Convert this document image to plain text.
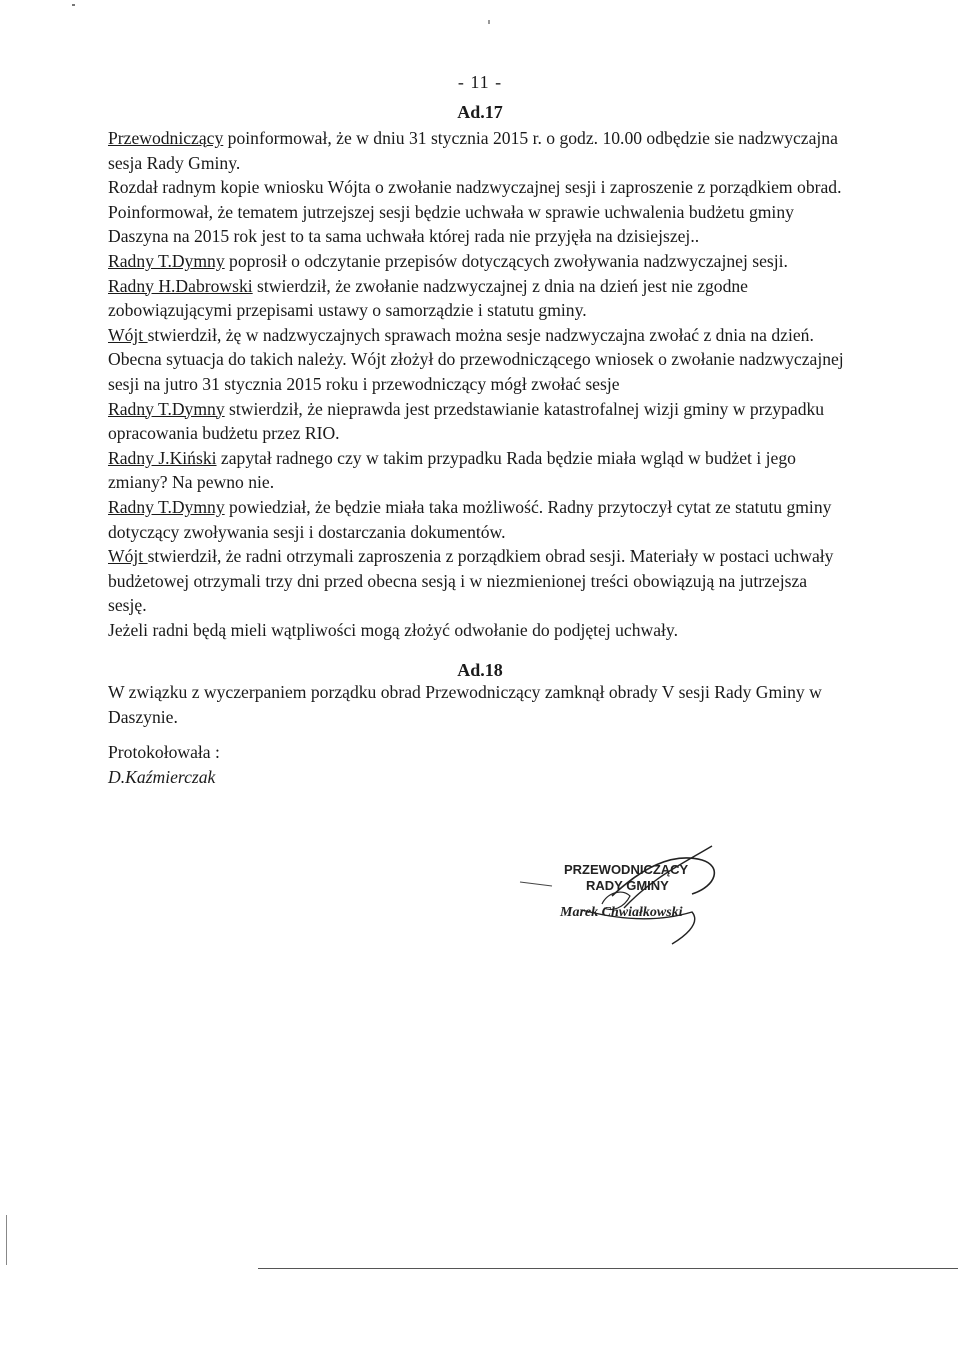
- 11 -
Ad.17

Przewodniczący poinformował, że w dniu 31 stycznia 2015 r. o godz. 10.00 odbędzie sie nadzwyczajna sesja Rady Gminy.

Rozdał radnym kopie wniosku Wójta o zwołanie nadzwyczajnej sesji i zaproszenie z porządkiem obrad.

Poinformował, że tematem jutrzejszej sesji będzie uchwała w sprawie uchwalenia budżetu gminy Daszyna na 2015 rok jest to ta sama uchwała której rada nie przyjęła na dzisiejszej..

Radny T.Dymny poprosił o odczytanie przepisów dotyczących zwoływania nadzwyczajnej sesji.

Radny H.Dabrowski stwierdził, że zwołanie nadzwyczajnej z dnia na dzień jest nie zgodne zobowiązującymi przepisami ustawy o samorządzie i statutu gminy.

Wójt stwierdził, żę w nadzwyczajnych sprawach można sesje nadzwyczajna zwołać z dnia na dzień. Obecna sytuacja do takich należy. Wójt złożył do przewodniczącego wniosek o zwołanie nadzwyczajnej sesji na jutro 31 stycznia 2015 roku i przewodniczący mógł zwołać sesje

Radny T.Dymny stwierdził, że nieprawda jest przedstawianie katastrofalnej wizji gminy w przypadku opracowania budżetu przez RIO.

Radny J.Kiński zapytał radnego czy w takim przypadku Rada będzie miała wgląd w budżet i jego zmiany? Na pewno nie.

Radny T.Dymny powiedział, że będzie miała taka możliwość. Radny przytoczył cytat ze statutu gminy dotyczący zwoływania sesji i dostarczania dokumentów.

Wójt stwierdził, że radni otrzymali zaproszenia z porządkiem obrad sesji. Materiały w postaci uchwały budżetowej otrzymali trzy dni przed obecna sesją i w niezmienionej treści obowiązują na jutrzejsza sesję.

Jeżeli radni będą mieli wątpliwości mogą złożyć odwołanie do podjętej uchwały.

Ad.18

W związku z wyczerpaniem porządku obrad Przewodniczący zamknął obrady V sesji Rady Gminy w Daszynie.

Protokołowała :
D.Kaźmierczak
PRZEWODNICZĄCY
RADY GMINY
Marek Chwiałkowski
